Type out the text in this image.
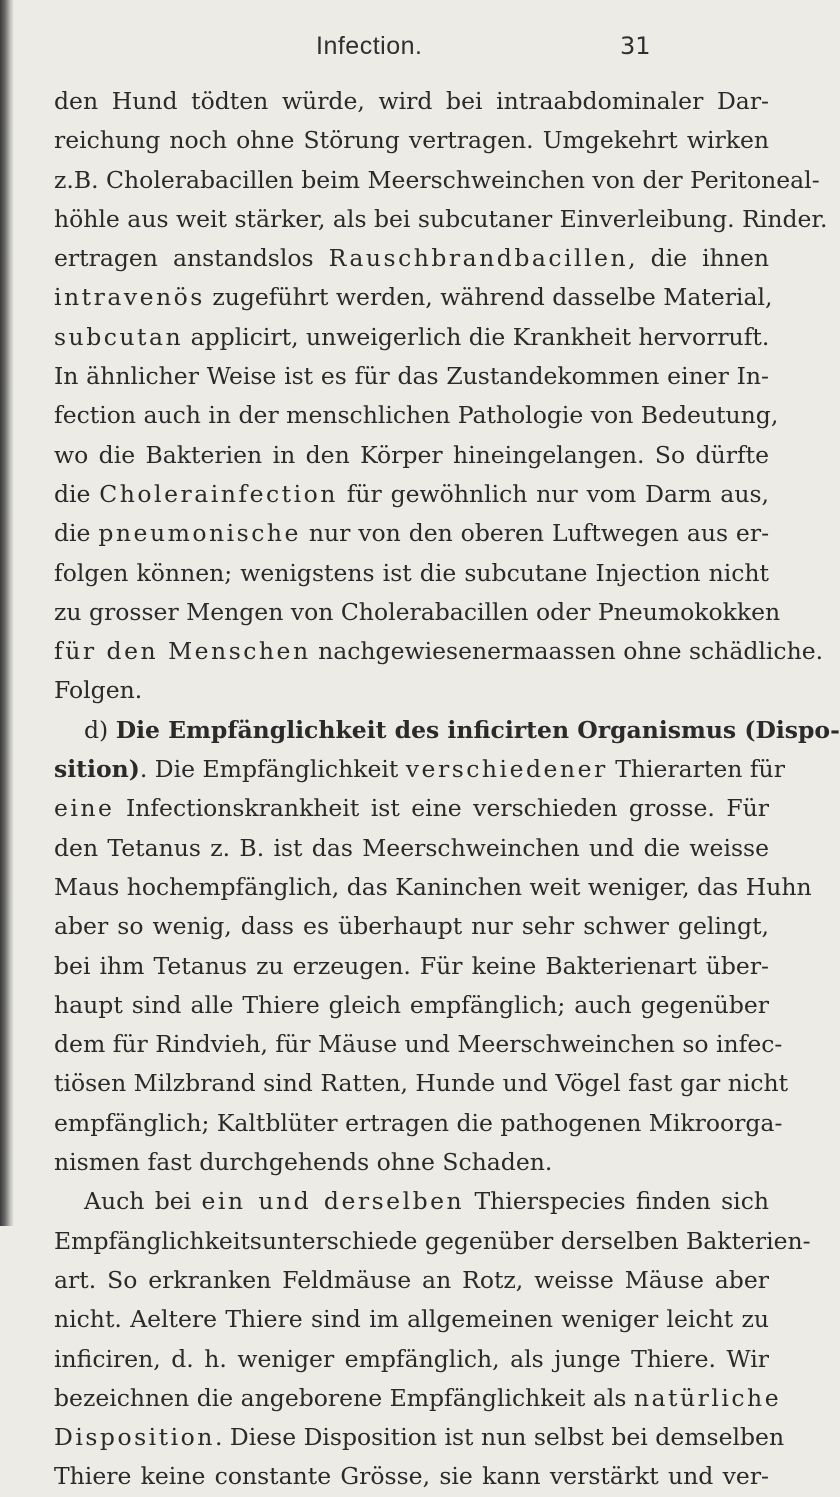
Infection.	31
den Hund tödten würde, wird bei intraabdominaler Dar-
reichung noch ohne Störung vertragen. Umgekehrt wirken
z.B. Cholerabacillen beim Meerschweinchen von der Peritoneal-
höhle aus weit stärker, als bei subcutaner Einverleibung. Rinder.
ertragen anstandslos Rauschbrandbacillen, die ihnen
intravenös zugeführt werden, während dasselbe Material,
subcutan applicirt, unweigerlich die Krankheit hervorruft.
In ähnlicher Weise ist es für das Zustandekommen einer In-
fection auch in der menschlichen Pathologie von Bedeutung,
wo die Bakterien in den Körper hineingelangen. So dürfte
die Cholerainfection für gewöhnlich nur vom Darm aus,
die pneumonische nur von den oberen Luftwegen aus er-
folgen können; wenigstens ist die subcutane Injection nicht
zu grosser Mengen von Cholerabacillen oder Pneumokokken
für den Menschen nachgewiesenermaassen ohne schädliche.
Folgen.
d) Die Empfänglichkeit des inficirten Organismus (Dispo-
sition). Die Empfänglichkeit verschiedener Thierarten für
eine Infectionskrankheit ist eine verschieden grosse. Für
den Tetanus z. B. ist das Meerschweinchen und die weisse
Maus hochempfänglich, das Kaninchen weit weniger, das Huhn
aber so wenig, dass es überhaupt nur sehr schwer gelingt,
bei ihm Tetanus zu erzeugen. Für keine Bakterienart über-
haupt sind alle Thiere gleich empfänglich; auch gegenüber
dem für Rindvieh, für Mäuse und Meerschweinchen so infec-
tiösen Milzbrand sind Ratten, Hunde und Vögel fast gar nicht
empfänglich; Kaltblüter ertragen die pathogenen Mikroorga-
nismen fast durchgehends ohne Schaden.
Auch bei ein und derselben Thierspecies finden sich
Empfänglichkeitsunterschiede gegenüber derselben Bakterien-
art. So erkranken Feldmäuse an Rotz, weisse Mäuse aber
nicht. Aeltere Thiere sind im allgemeinen weniger leicht zu
inficiren, d. h. weniger empfänglich, als junge Thiere. Wir
bezeichnen die angeborene Empfänglichkeit als natürliche
Disposition. Diese Disposition ist nun selbst bei demselben
Thiere keine constante Grösse, sie kann verstärkt und ver-
